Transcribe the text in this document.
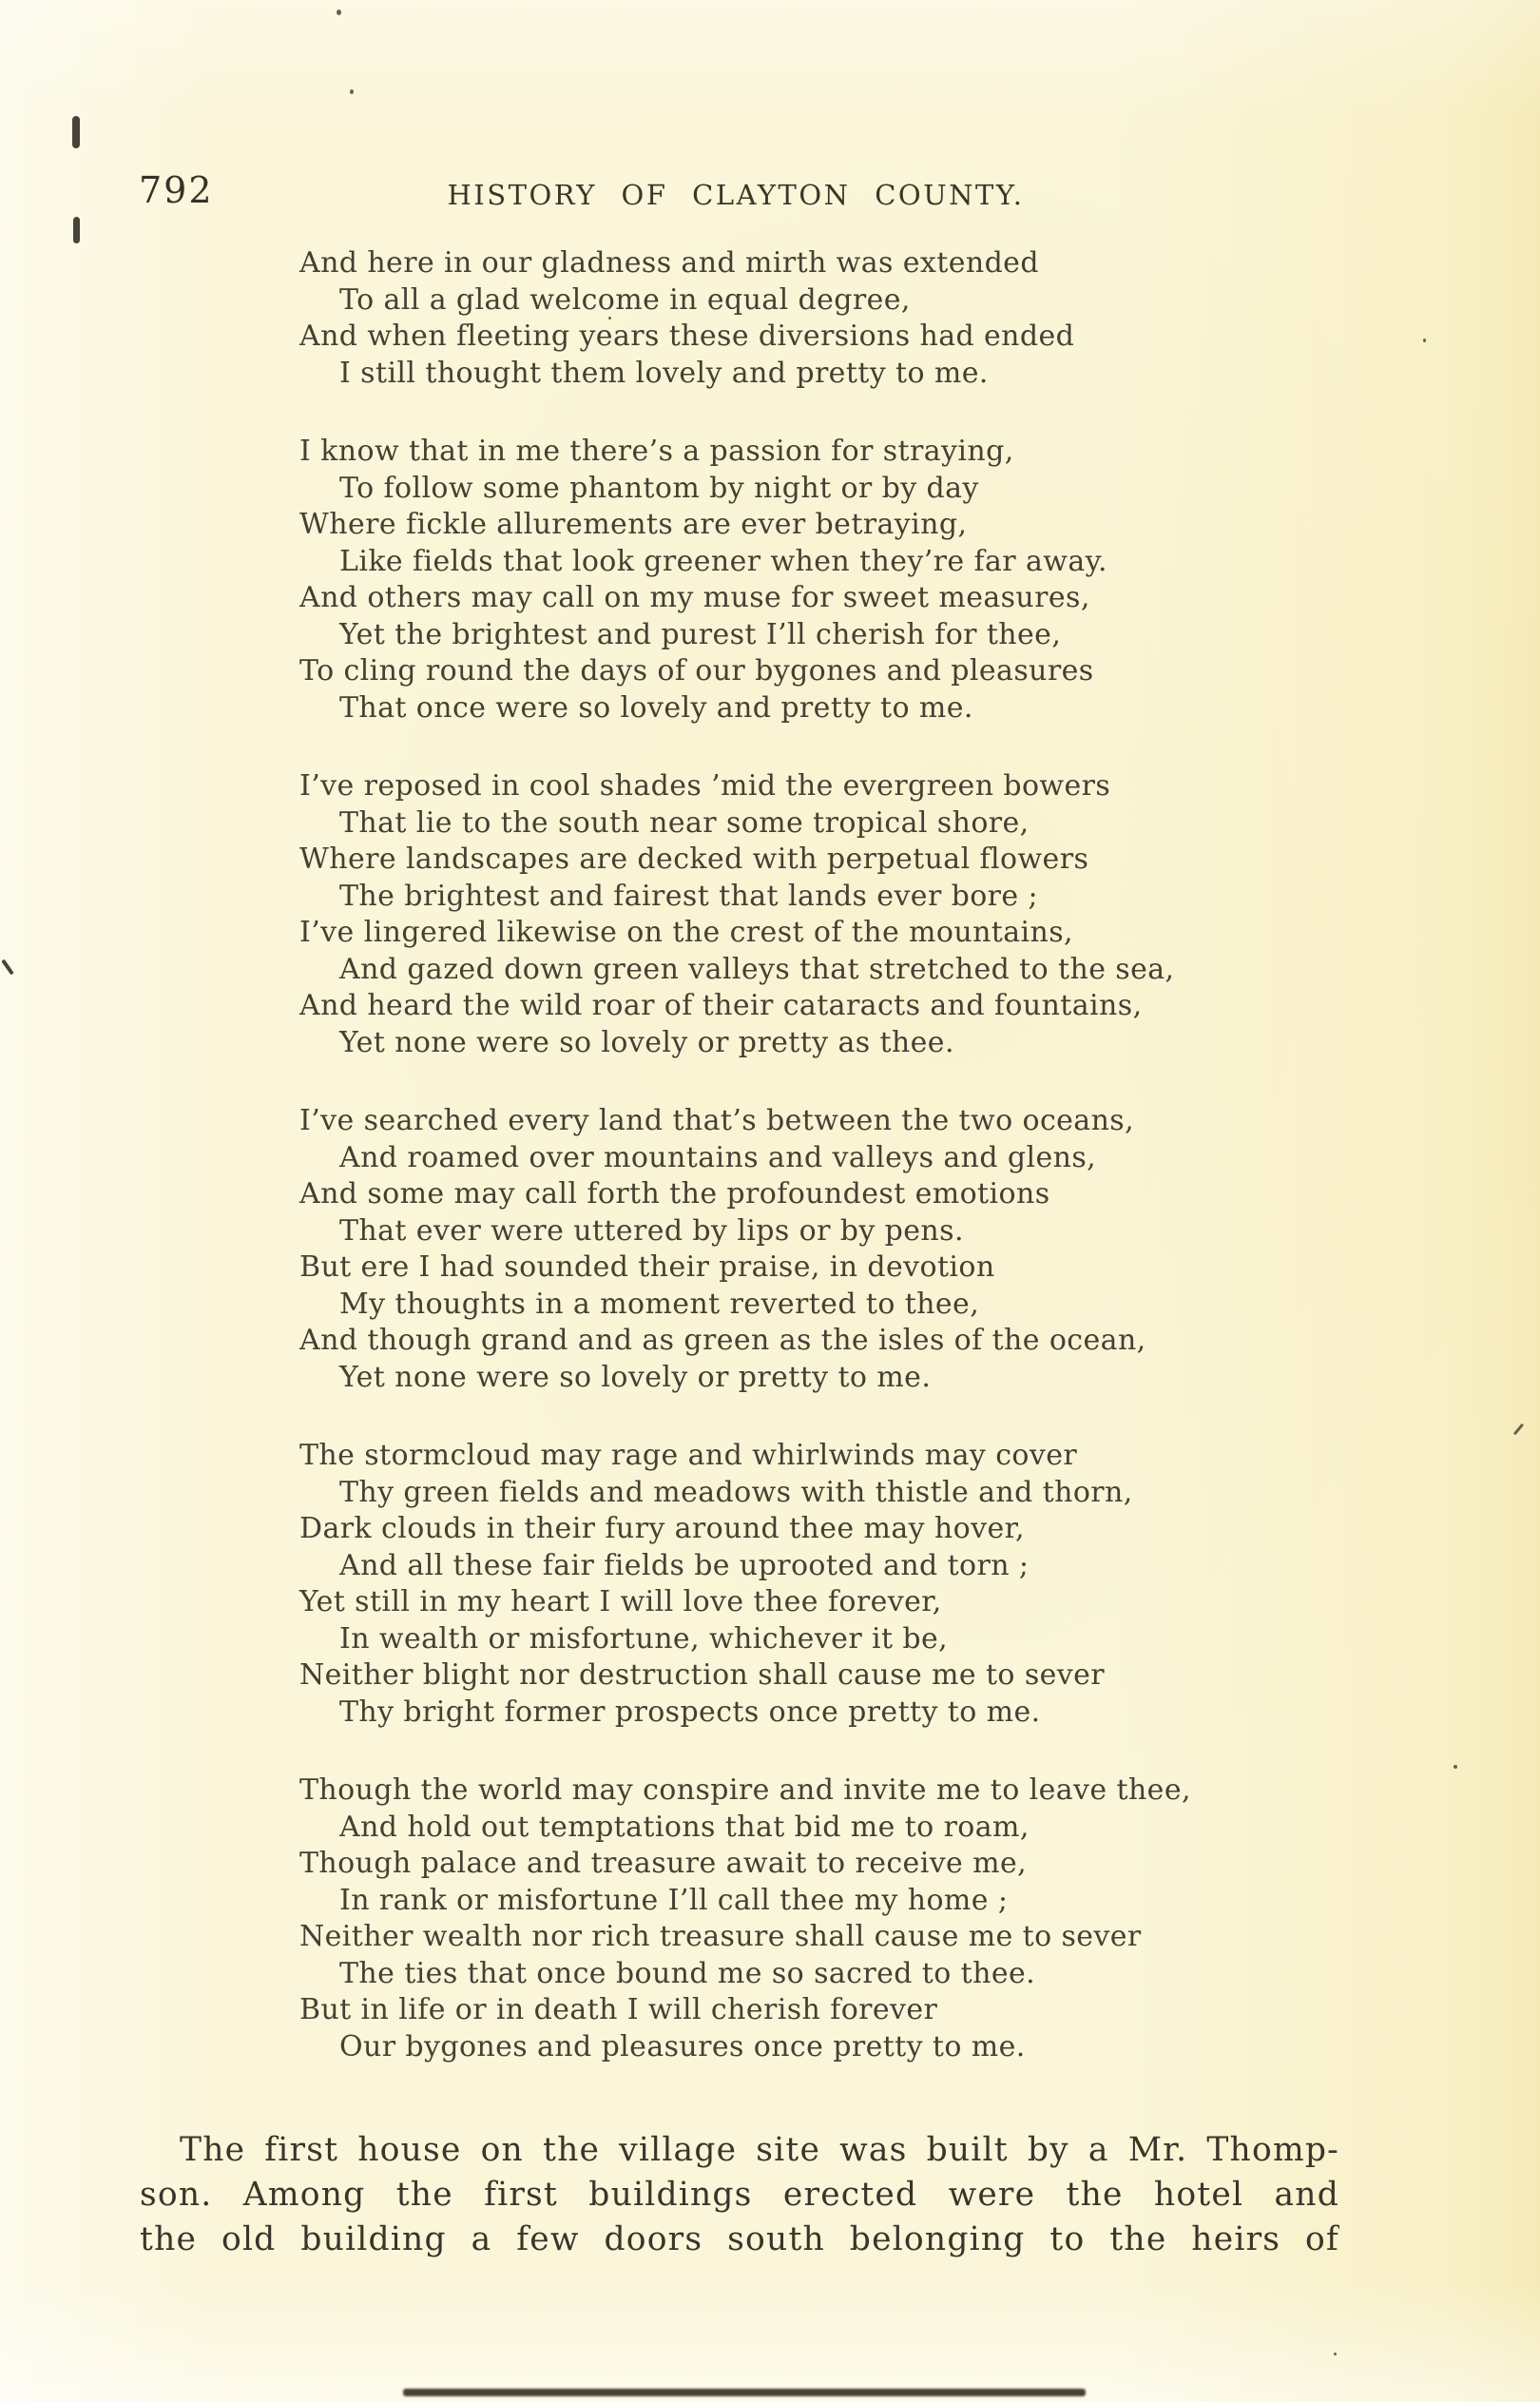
792	HISTORY OF CLAYTON COUNTY.
And here in our gladness and mirth was extended
To all a glad welcome in equal degree,
And when fleeting years these diversions had ended
I still thought them lovely and pretty to me.
I know that in me there’s a passion for straying,
To follow some phantom by night or by day
Where fickle allurements are ever betraying,
Like fields that look greener when they’re far away.
And others may call on my muse for sweet measures,
Yet the brightest and purest I’ll cherish for thee,
To cling round the days of our bygones and pleasures
That once were so lovely and pretty to me.
I’ve reposed in cool shades ’mid the evergreen bowers
That lie to the south near some tropical shore,
Where landscapes are decked with perpetual flowers
The brightest and fairest that lands ever bore ;
I’ve lingered likewise on the crest of the mountains,
And gazed down green valleys that stretched to the sea,
And heard the wild roar of their cataracts and fountains,
Yet none were so lovely or pretty as thee.
I’ve searched every land that’s between the two oceans,
And roamed over mountains and valleys and glens,
And some may call forth the profoundest emotions
That ever were uttered by lips or by pens.
But ere I had sounded their praise, in devotion
My thoughts in a moment reverted to thee,
And though grand and as green as the isles of the ocean,
Yet none were so lovely or pretty to me.
The stormcloud may rage and whirlwinds may cover
Thy green fields and meadows with thistle and thorn,
Dark clouds in their fury around thee may hover,
And all these fair fields be uprooted and torn ;
Yet still in my heart I will love thee forever,
In wealth or misfortune, whichever it be,
Neither blight nor destruction shall cause me to sever
Thy bright former prospects once pretty to me.
Though the world may conspire and invite me to leave thee,
And hold out temptations that bid me to roam,
Though palace and treasure await to receive me,
In rank or misfortune I’ll call thee my home ;
Neither wealth nor rich treasure shall cause me to sever
The ties that once bound me so sacred to thee.
But in life or in death I will cherish forever
Our bygones and pleasures once pretty to me.
The first house on the village site was built by a Mr. Thomp-
son. Among the first buildings erected were the hotel and
the old building a few doors south belonging to the heirs of
